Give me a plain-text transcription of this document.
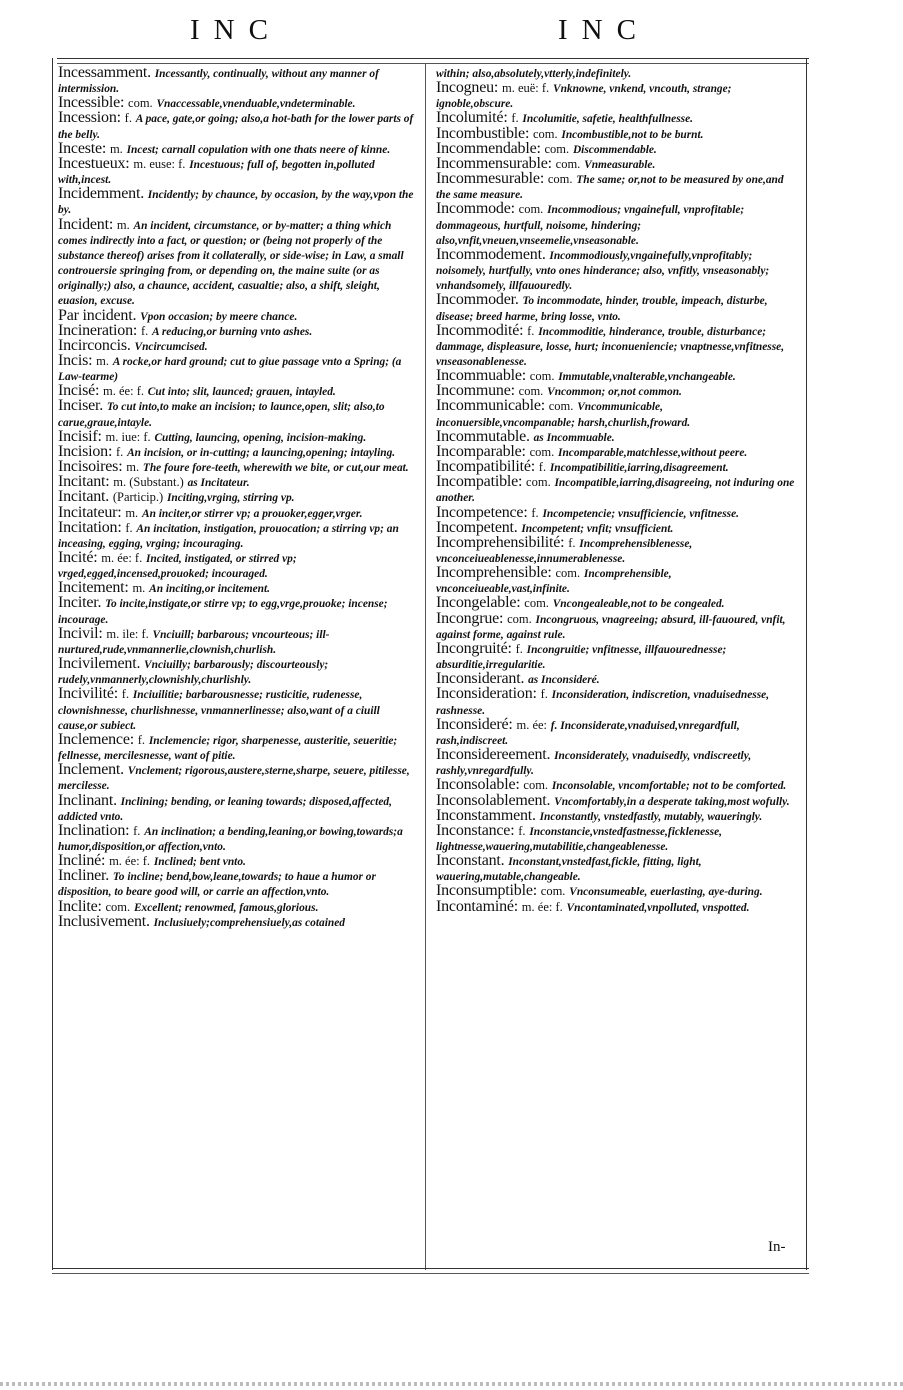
INC	INC

Incessamment. Incessantly, continually, without any manner of intermission.

Incessible: com. Vnaccessable,vnenduable,vndeterminable.

Incession: f. A pace, gate,or going; also,a hot-bath for the lower parts of the belly.

Inceste: m. Incest; carnall copulation with one thats neere of kinne.

Incestueux: m. euse: f. Incestuous; full of, begotten in,polluted with,incest.

Incidemment. Incidently; by chaunce, by occasion, by the way,vpon the by.

Incident: m. An incident, circumstance, or by-matter; a thing which comes indirectly into a fact, or question; or (being not properly of the substance thereof) arises from it collaterally, or side-wise; in Law, a small controuersie springing from, or depending on, the maine suite (or as originally;) also, a chaunce, accident, casualtie; also, a shift, sleight, euasion, excuse.

Par incident. Vpon occasion; by meere chance.

Incineration: f. A reducing,or burning vnto ashes.

Incirconcis. Vncircumcised.

Incis: m. A rocke,or hard ground; cut to giue passage vnto a Spring; (a Law-tearme)

Incisé: m. ée: f. Cut into; slit, launced; grauen, intayled.

Inciser. To cut into,to make an incision; to launce,open, slit; also,to carue,graue,intayle.

Incisif: m. iue: f. Cutting, launcing, opening, incision-making.

Incision: f. An incision, or in-cutting; a launcing,opening; intayling.

Incisoires: m. The foure fore-teeth, wherewith we bite, or cut,our meat.

Incitant: m. (Substant.) as Incitateur.

Incitant. (Particip.) Inciting,vrging, stirring vp.

Incitateur: m. An inciter,or stirrer vp; a prouoker,egger,vrger.

Incitation: f. An incitation, instigation, prouocation; a stirring vp; an inceasing, egging, vrging; incouraging.

Incité: m. ée: f. Incited, instigated, or stirred vp; vrged,egged,incensed,prouoked; incouraged.

Incitement: m. An inciting,or incitement.

Inciter. To incite,instigate,or stirre vp; to egg,vrge,prouoke; incense; incourage.

Incivil: m. ile: f. Vnciuill; barbarous; vncourteous; ill-nurtured,rude,vnmannerlie,clownish,churlish.

Incivilement. Vnciuilly; barbarously; discourteously; rudely,vnmannerly,clownishly,churlishly.

Incivilité: f. Inciuilitie; barbarousnesse; rusticitie, rudenesse, clownishnesse, churlishnesse, vnmannerlinesse; also,want of a ciuill cause,or subiect.

Inclemence: f. Inclemencie; rigor, sharpenesse, austeritie, seueritie; fellnesse, mercilesnesse, want of pitie.

Inclement. Vnclement; rigorous,austere,sterne,sharpe, seuere, pitilesse, mercilesse.

Inclinant. Inclining; bending, or leaning towards; disposed,affected, addicted vnto.

Inclination: f. An inclination; a bending,leaning,or bowing,towards;a humor,disposition,or affection,vnto.

Incliné: m. ée: f. Inclined; bent vnto.

Incliner. To incline; bend,bow,leane,towards; to haue a humor or disposition, to beare good will, or carrie an affection,vnto.

Inclite: com. Excellent; renowmed, famous,glorious.

Inclusivement. Inclusiuely;comprehensiuely,as cotained

within; also,absolutely,vtterly,indefinitely.

Incogneu: m. euë: f. Vnknowne, vnkend, vncouth, strange; ignoble,obscure.

Incolumité: f. Incolumitie, safetie, healthfullnesse.

Incombustible: com. Incombustible,not to be burnt.

Incommendable: com. Discommendable.

Incommensurable: com. Vnmeasurable.

Incommesurable: com. The same; or,not to be measured by one,and the same measure.

Incommode: com. Incommodious; vngainefull, vnprofitable; dommageous, hurtfull, noisome, hindering; also,vnfit,vneuen,vnseemelie,vnseasonable.

Incommodement. Incommodiously,vngainefully,vnprofitably; noisomely, hurtfully, vnto ones hinderance; also, vnfitly, vnseasonably; vnhandsomely, illfauouredly.

Incommoder. To incommodate, hinder, trouble, impeach, disturbe, disease; breed harme, bring losse, vnto.

Incommodité: f. Incommoditie, hinderance, trouble, disturbance; dammage, displeasure, losse, hurt; inconueniencie; vnaptnesse,vnfitnesse, vnseasonablenesse.

Incommuable: com. Immutable,vnalterable,vnchangeable.

Incommune: com. Vncommon; or,not common.

Incommunicable: com. Vncommunicable, inconuersible,vncompanable; harsh,churlish,froward.

Incommutable. as Incommuable.

Incomparable: com. Incomparable,matchlesse,without peere.

Incompatibilité: f. Incompatibilitie,iarring,disagreement.

Incompatible: com. Incompatible,iarring,disagreeing, not induring one another.

Incompetence: f. Incompetencie; vnsufficiencie, vnfitnesse.

Incompetent. Incompetent; vnfit; vnsufficient.

Incomprehensibilité: f. Incomprehensiblenesse, vnconceiueablenesse,innumerablenesse.

Incomprehensible: com. Incomprehensible, vnconceiueable,vast,infinite.

Incongelable: com. Vncongealeable,not to be congealed.

Incongrue: com. Incongruous, vnagreeing; absurd, ill-fauoured, vnfit, against forme, against rule.

Incongruité: f. Incongruitie; vnfitnesse, illfauourednesse; absurditie,irregularitie.

Inconsiderant. as Inconsideré.

Inconsideration: f. Inconsideration, indiscretion, vnaduisednesse, rashnesse.

Inconsideré: m. ée: f. Inconsiderate,vnaduised,vnregardfull, rash,indiscreet.

Inconsidereement. Inconsiderately, vnaduisedly, vndiscreetly, rashly,vnregardfully.

Inconsolable: com. Inconsolable, vncomfortable; not to be comforted.

Inconsolablement. Vncomfortably,in a desperate taking,most wofully.

Inconstamment. Inconstantly, vnstedfastly, mutably, waueringly.

Inconstance: f. Inconstancie,vnstedfastnesse,ficklenesse, lightnesse,wauering,mutabilitie,changeablenesse.

Inconstant. Inconstant,vnstedfast,fickle, fitting, light, wauering,mutable,changeable.

Inconsumptible: com. Vnconsumeable, euerlasting, aye-during.

Incontaminé: m. ée: f. Vncontaminated,vnpolluted, vnspotted.

In-
